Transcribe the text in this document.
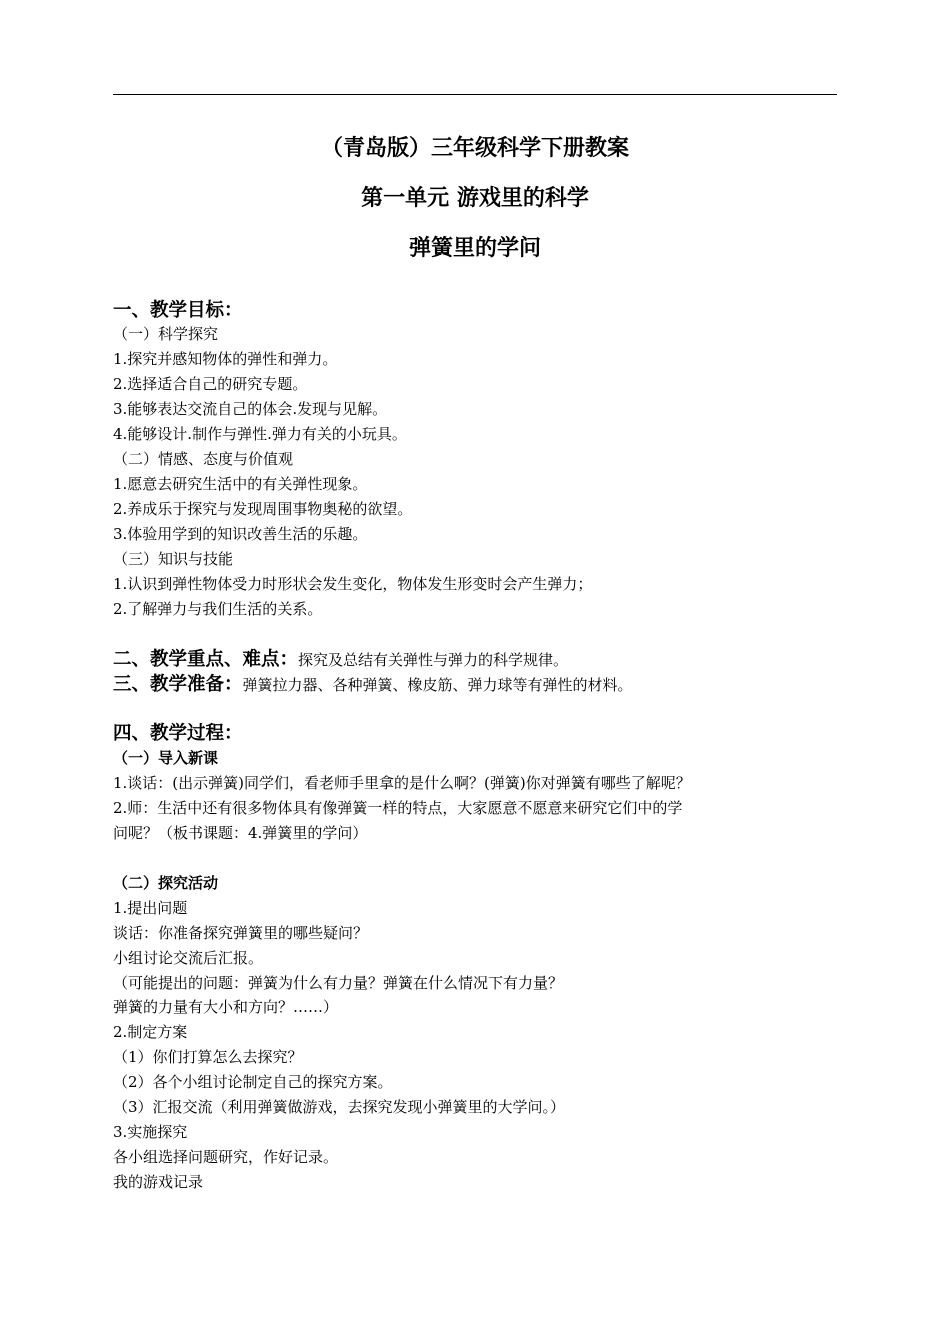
（青岛版）三年级科学下册教案
第一单元 游戏里的科学
弹簧里的学问
一、教学目标：
（一）科学探究
1.探究并感知物体的弹性和弹力。
2.选择适合自己的研究专题。
3.能够表达交流自己的体会.发现与见解。
4.能够设计.制作与弹性.弹力有关的小玩具。
（二）情感、态度与价值观
1.愿意去研究生活中的有关弹性现象。
2.养成乐于探究与发现周围事物奥秘的欲望。
3.体验用学到的知识改善生活的乐趣。
（三）知识与技能
1.认识到弹性物体受力时形状会发生变化，物体发生形变时会产生弹力；
2.了解弹力与我们生活的关系。
二、教学重点、难点：探究及总结有关弹性与弹力的科学规律。
三、教学准备：弹簧拉力器、各种弹簧、橡皮筋、弹力球等有弹性的材料。
四、教学过程：
（一）导入新课
1.谈话：(出示弹簧)同学们，看老师手里拿的是什么啊？(弹簧)你对弹簧有哪些了解呢？
2.师：生活中还有很多物体具有像弹簧一样的特点，大家愿意不愿意来研究它们中的学
问呢？（板书课题：4.弹簧里的学问）
（二）探究活动
1.提出问题
谈话：你准备探究弹簧里的哪些疑问？
小组讨论交流后汇报。
（可能提出的问题：弹簧为什么有力量？弹簧在什么情况下有力量？
弹簧的力量有大小和方向？……）
2.制定方案
（1）你们打算怎么去探究？
（2）各个小组讨论制定自己的探究方案。
（3）汇报交流（利用弹簧做游戏，去探究发现小弹簧里的大学问。）
3.实施探究
各小组选择问题研究，作好记录。
我的游戏记录
